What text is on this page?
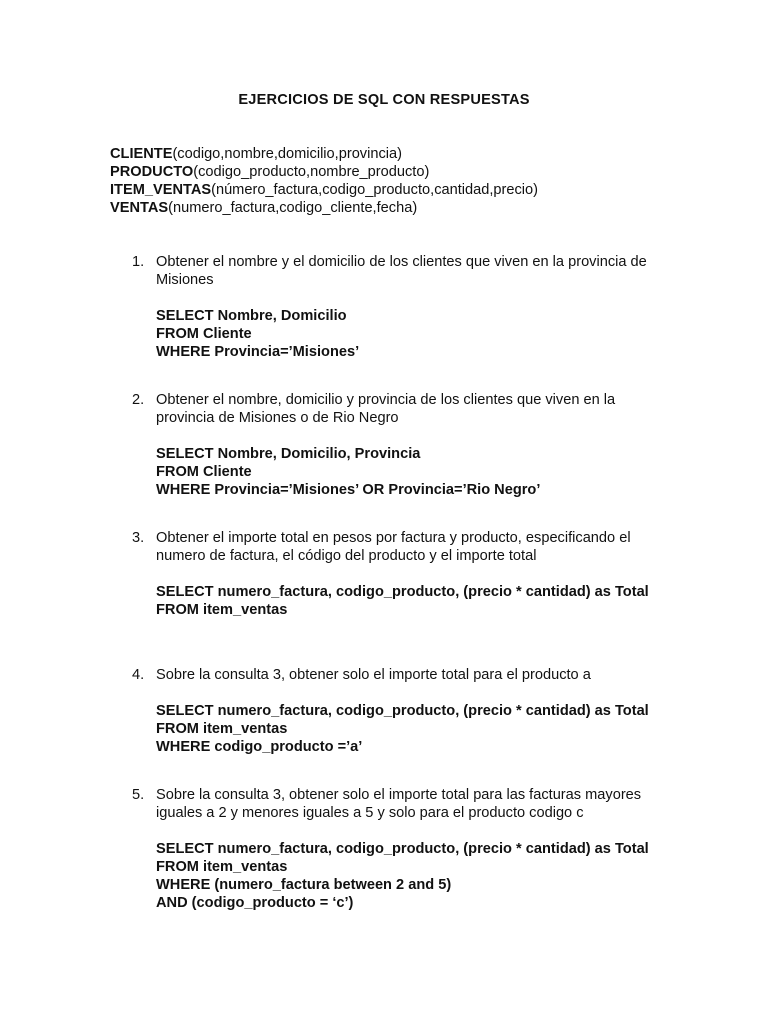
EJERCICIOS DE SQL CON RESPUESTAS
CLIENTE(codigo,nombre,domicilio,provincia)
PRODUCTO(codigo_producto,nombre_producto)
ITEM_VENTAS(número_factura,codigo_producto,cantidad,precio)
VENTAS(numero_factura,codigo_cliente,fecha)
1. Obtener el nombre y el domicilio de los clientes que viven en la provincia de Misiones

SELECT Nombre, Domicilio
FROM Cliente
WHERE Provincia=’Misiones’
2. Obtener el nombre, domicilio y provincia de los clientes que viven en la provincia de Misiones o de Rio Negro

SELECT Nombre, Domicilio, Provincia
FROM Cliente
WHERE Provincia=’Misiones’ OR Provincia=’Rio Negro’
3. Obtener el importe total en pesos por factura y producto, especificando el numero de factura, el código del producto y el importe total

SELECT numero_factura, codigo_producto, (precio * cantidad) as Total
FROM item_ventas
4. Sobre la consulta 3, obtener solo el importe total para el producto a

SELECT numero_factura, codigo_producto, (precio * cantidad) as Total
FROM item_ventas
WHERE codigo_producto =’a’
5. Sobre la consulta 3, obtener solo el importe total para las facturas mayores iguales a 2 y menores iguales a 5 y solo para el producto codigo c

SELECT numero_factura, codigo_producto, (precio * cantidad) as Total
FROM item_ventas
WHERE (numero_factura between 2 and 5)
AND (codigo_producto = ‘c’)
